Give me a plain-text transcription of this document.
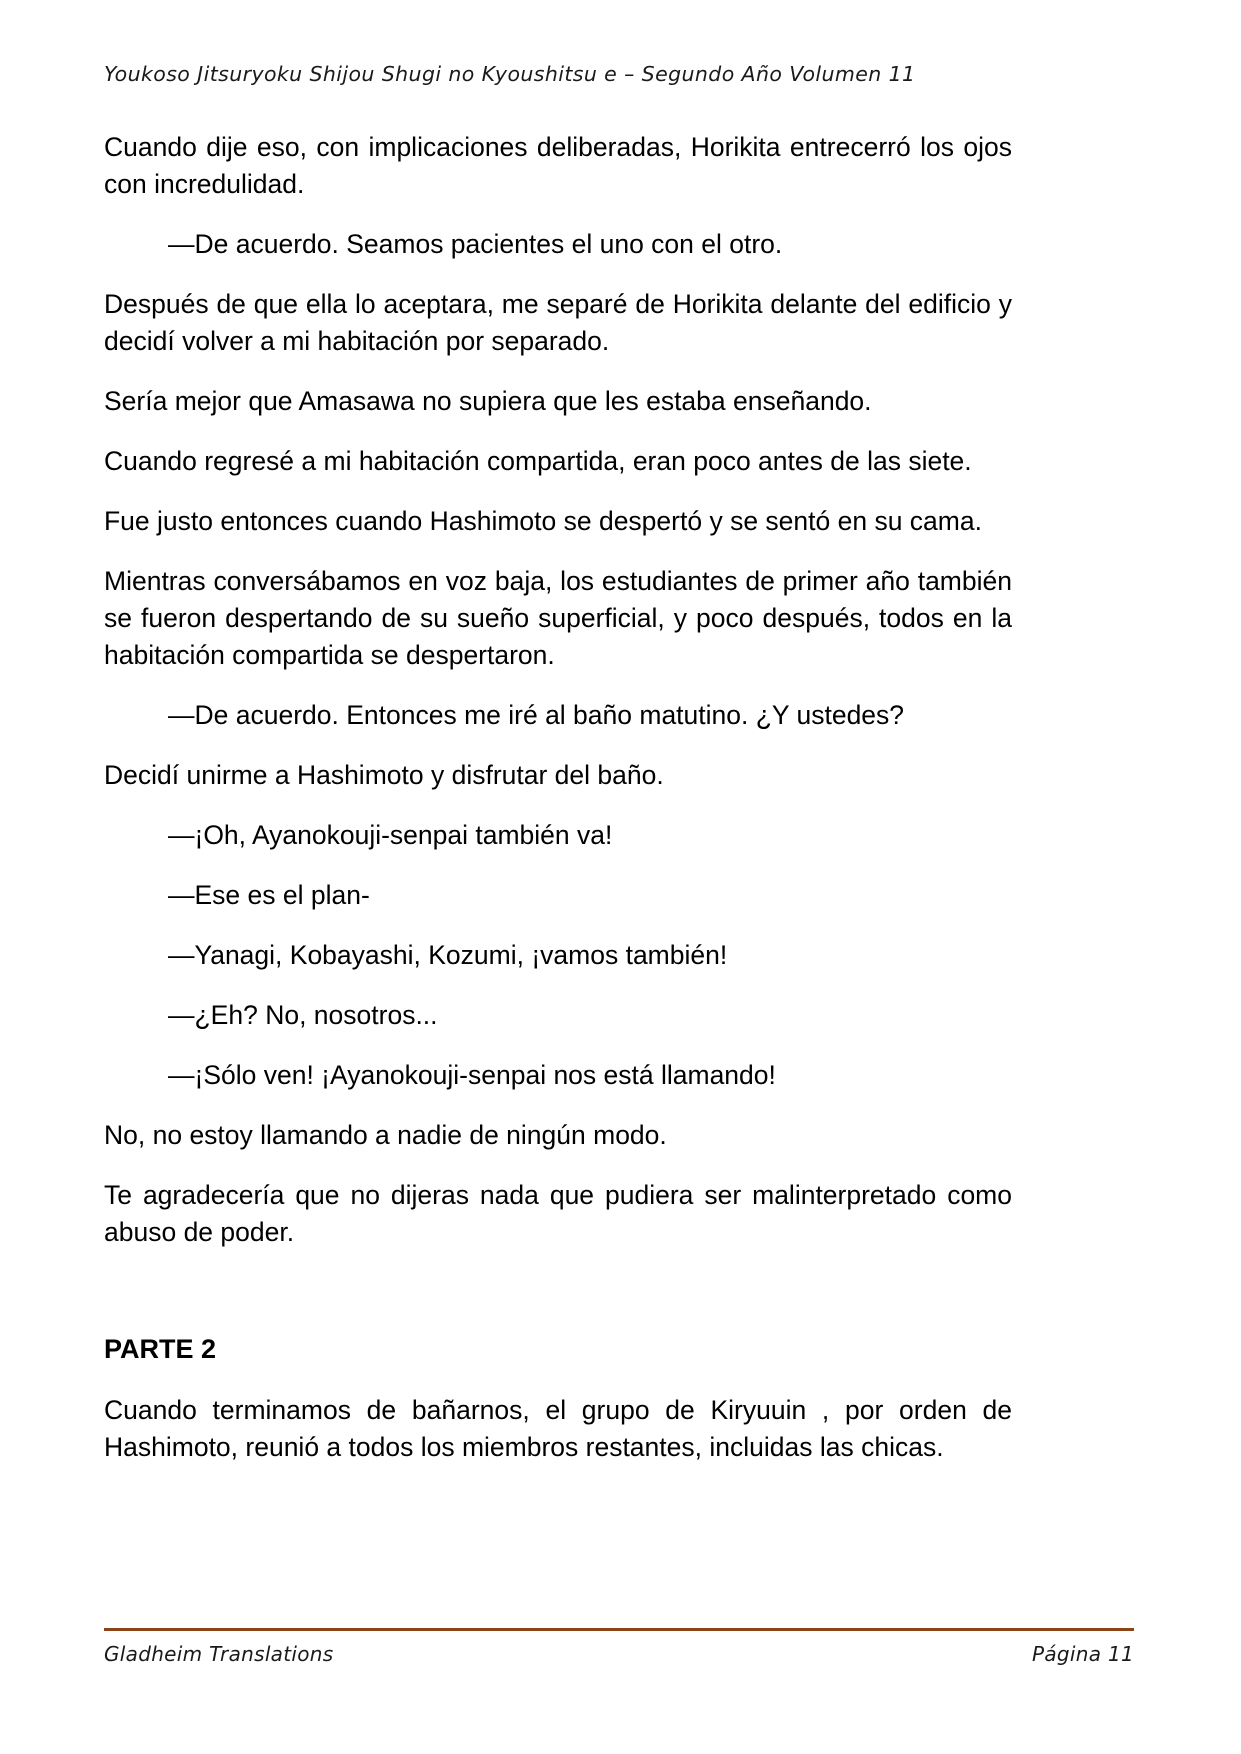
Youkoso Jitsuryoku Shijou Shugi no Kyoushitsu e – Segundo Año Volumen 11

Cuando dije eso, con implicaciones deliberadas, Horikita entrecerró los ojos con incredulidad.

—De acuerdo. Seamos pacientes el uno con el otro.

Después de que ella lo aceptara, me separé de Horikita delante del edificio y decidí volver a mi habitación por separado.

Sería mejor que Amasawa no supiera que les estaba enseñando.

Cuando regresé a mi habitación compartida, eran poco antes de las siete.

Fue justo entonces cuando Hashimoto se despertó y se sentó en su cama.

Mientras conversábamos en voz baja, los estudiantes de primer año también se fueron despertando de su sueño superficial, y poco después, todos en la habitación compartida se despertaron.

—De acuerdo. Entonces me iré al baño matutino. ¿Y ustedes?

Decidí unirme a Hashimoto y disfrutar del baño.

—¡Oh, Ayanokouji-senpai también va!

—Ese es el plan-

—Yanagi, Kobayashi, Kozumi, ¡vamos también!

—¿Eh? No, nosotros...

—¡Sólo ven! ¡Ayanokouji-senpai nos está llamando!

No, no estoy llamando a nadie de ningún modo.

Te agradecería que no dijeras nada que pudiera ser malinterpretado como abuso de poder.

PARTE 2

Cuando terminamos de bañarnos, el grupo de Kiryuuin , por orden de Hashimoto, reunió a todos los miembros restantes, incluidas las chicas.

Gladheim Translations	Página 11
